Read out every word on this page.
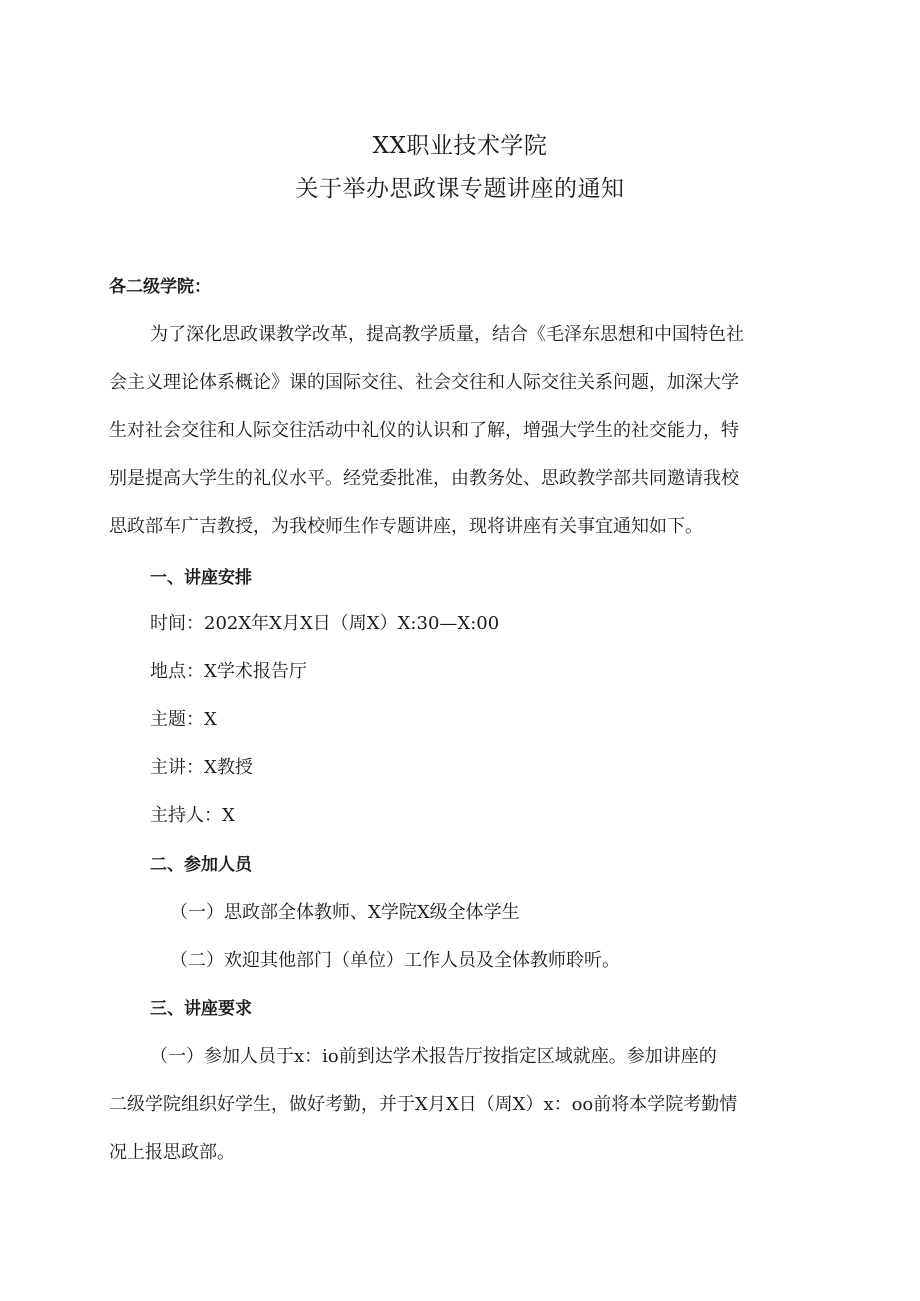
XX职业技术学院
关于举办思政课专题讲座的通知
各二级学院：
为了深化思政课教学改革，提高教学质量，结合《毛泽东思想和中国特色社
会主义理论体系概论》课的国际交往、社会交往和人际交往关系问题，加深大学
生对社会交往和人际交往活动中礼仪的认识和了解，增强大学生的社交能力，特
别是提高大学生的礼仪水平。经党委批准，由教务处、思政教学部共同邀请我校
思政部车广吉教授，为我校师生作专题讲座，现将讲座有关事宜通知如下。
一、讲座安排
时间：202X年X月X日（周X）X:30—X:00
地点：X学术报告厅
主题：X
主讲：X教授
主持人：X
二、参加人员
（一）思政部全体教师、X学院X级全体学生
（二）欢迎其他部门（单位）工作人员及全体教师聆听。
三、讲座要求
（一）参加人员于x：io前到达学术报告厅按指定区域就座。参加讲座的
二级学院组织好学生，做好考勤，并于X月X日（周X）x：oo前将本学院考勤情
况上报思政部。
